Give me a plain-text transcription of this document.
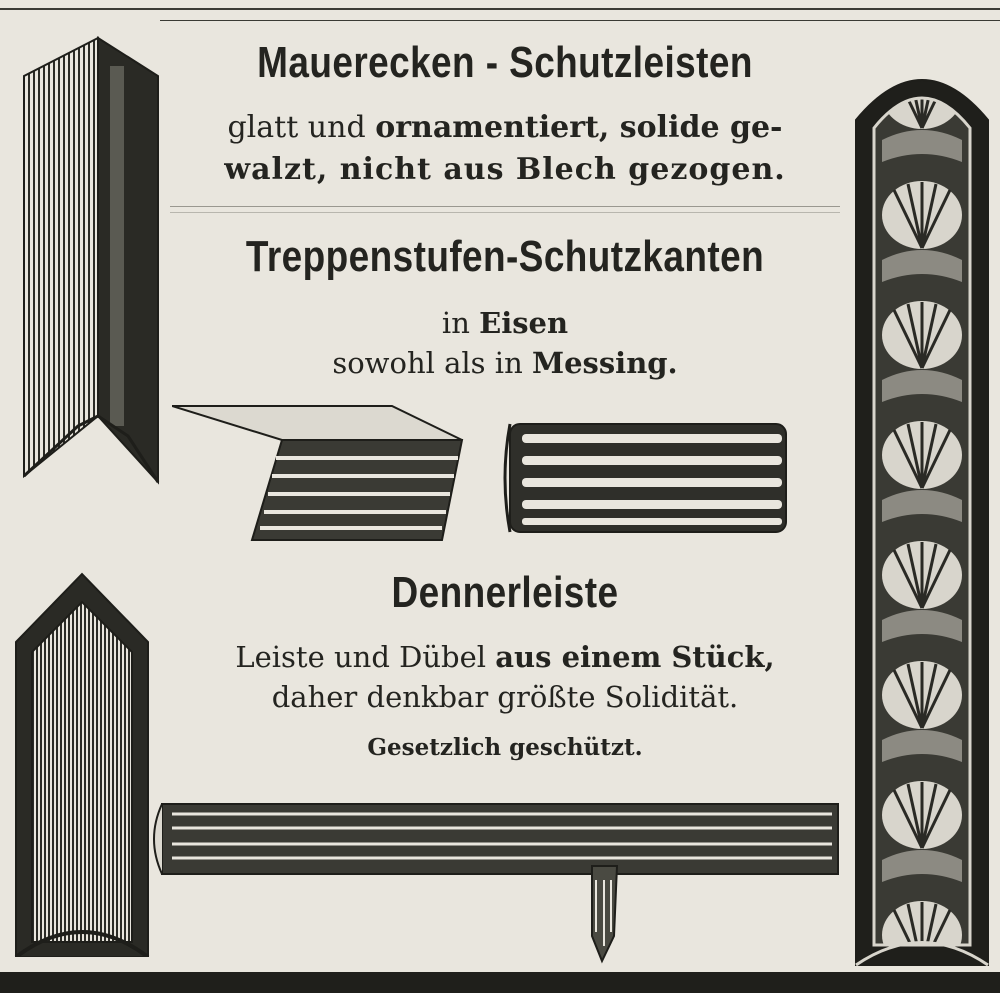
Mauerecken - Schutzleisten
glatt und ornamentiert, solide ge-
walzt, nicht aus Blech gezogen.
Treppenstufen-Schutzkanten
in Eisen
sowohl als in Messing.
Dennerleiste
Leiste und Dübel aus einem Stück,
daher denkbar größte Solidität.
Gesetzlich geschützt.
